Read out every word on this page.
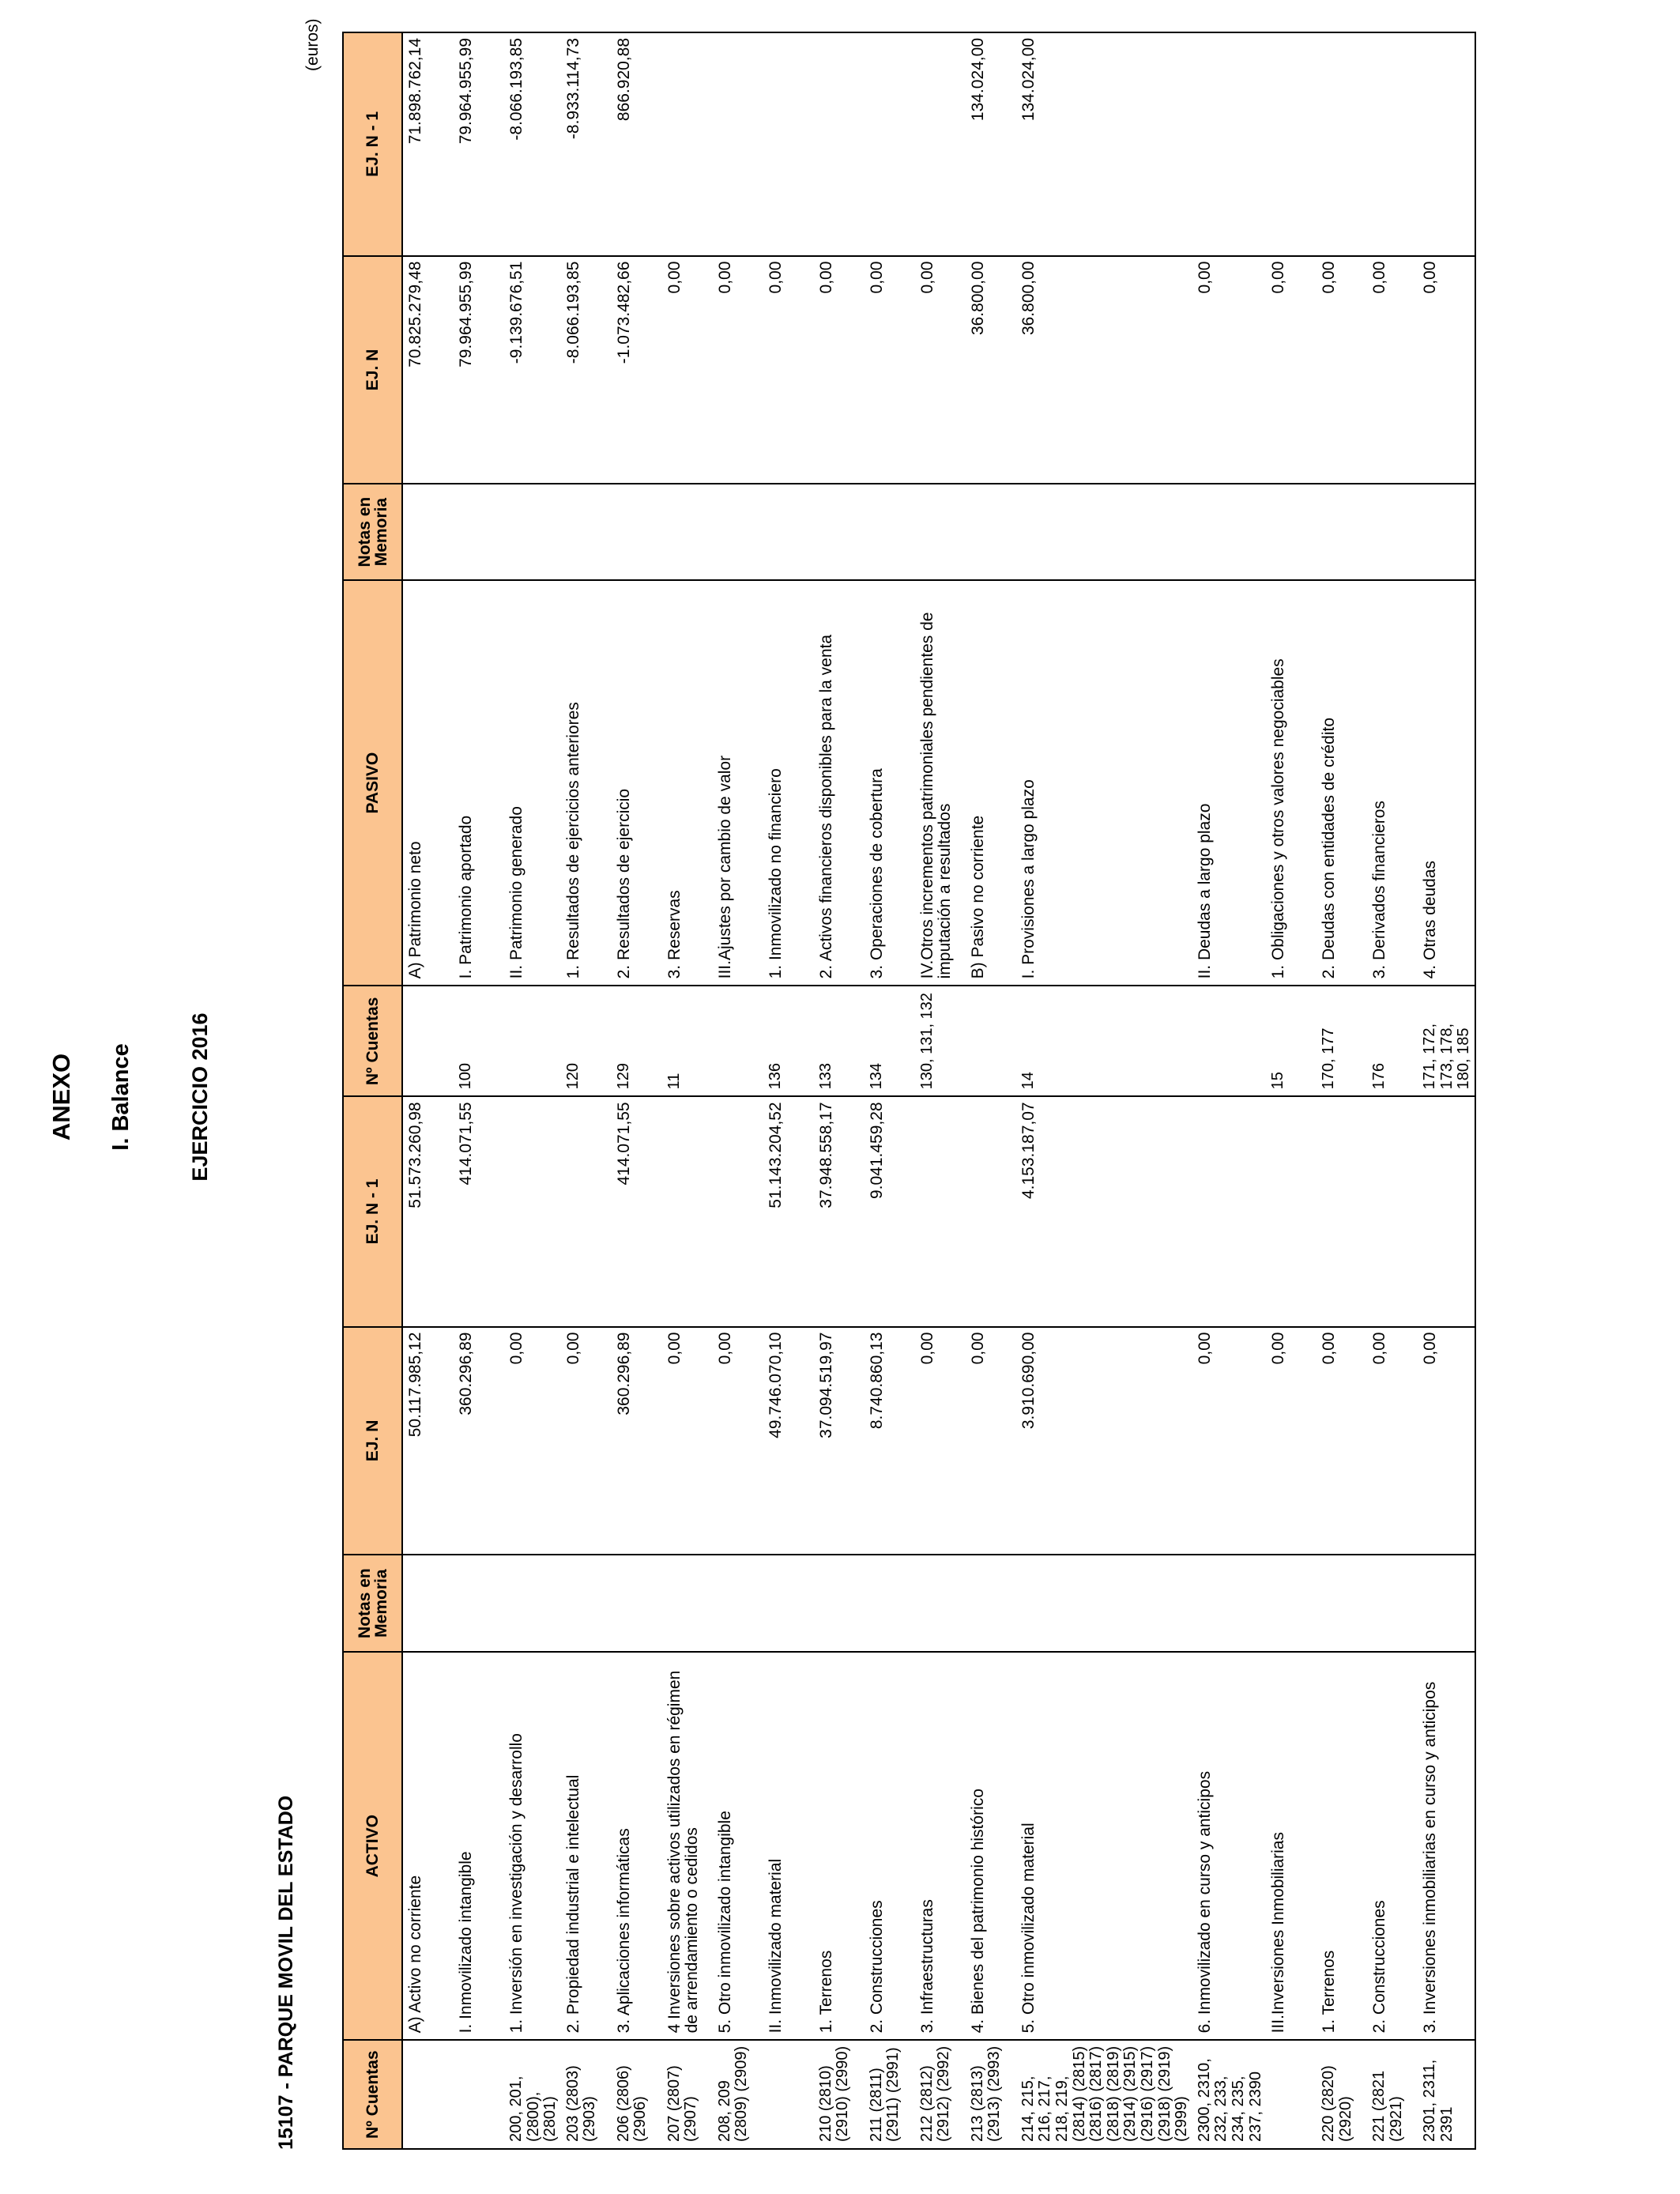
ANEXO I. Balance	EJERCICIO 2016
15107 - PARQUE MOVIL DEL ESTADO
(euros)
Nº Cuentas	ACTIVO	Notas en Memoria	EJ. N	EJ. N - 1	Nº Cuentas	PASIVO	Notas en Memoria	EJ. N	EJ. N - 1
	A) Activo no corriente		50.117.985,12	51.573.260,98		A) Patrimonio neto		70.825.279,48	71.898.762,14
	I. Inmovilizado intangible		360.296,89	414.071,55	100	I. Patrimonio aportado		79.964.955,99	79.964.955,99
200, 201, (2800), (2801)	1. Inversión en investigación y desarrollo		0,00			II. Patrimonio generado		-9.139.676,51	-8.066.193,85
203 (2803) (2903)	2. Propiedad industrial e intelectual		0,00		120	1. Resultados de ejercicios anteriores		-8.066.193,85	-8.933.114,73
206 (2806) (2906)	3. Aplicaciones informáticas		360.296,89	414.071,55	129	2. Resultados de ejercicio		-1.073.482,66	866.920,88
207 (2807) (2907)	4 Inversiones sobre activos utilizados en régimen de arrendamiento o cedidos		0,00		11	3. Reservas		0,00	
208, 209 (2809) (2909)	5. Otro inmovilizado intangible		0,00			III.Ajustes por cambio de valor		0,00	
	II. Inmovilizado material		49.746.070,10	51.143.204,52	136	1. Inmovilizado no financiero		0,00	
210 (2810) (2910) (2990)	1. Terrenos		37.094.519,97	37.948.558,17	133	2. Activos financieros disponibles para la venta		0,00	
211 (2811) (2911) (2991)	2. Construcciones		8.740.860,13	9.041.459,28	134	3. Operaciones de cobertura		0,00	
212 (2812) (2912) (2992)	3. Infraestructuras		0,00		130, 131, 132	IV.Otros incrementos patrimoniales pendientes de imputación a resultados		0,00	
213 (2813) (2913) (2993)	4. Bienes del patrimonio histórico		0,00			B) Pasivo no corriente		36.800,00	134.024,00
214, 215, 216, 217, 218, 219, (2814) (2815) (2816) (2817) (2818) (2819) (2914) (2915) (2916) (2917) (2918) (2919) (2999)	5. Otro inmovilizado material		3.910.690,00	4.153.187,07	14	I. Provisiones a largo plazo		36.800,00	134.024,00
2300, 2310, 232, 233, 234, 235, 237, 2390	6. Inmovilizado en curso y anticipos		0,00			II. Deudas a largo plazo		0,00	
	III.Inversiones Inmobiliarias		0,00		15	1. Obligaciones y otros valores negociables		0,00	
220 (2820) (2920)	1. Terrenos		0,00		170, 177	2. Deudas con entidades de crédito		0,00	
221 (2821 (2921)	2. Construcciones		0,00		176	3. Derivados financieros		0,00	
2301, 2311, 2391	3. Inversiones inmobiliarias en curso y anticipos		0,00		171, 172, 173, 178, 180, 185	4. Otras deudas		0,00	
